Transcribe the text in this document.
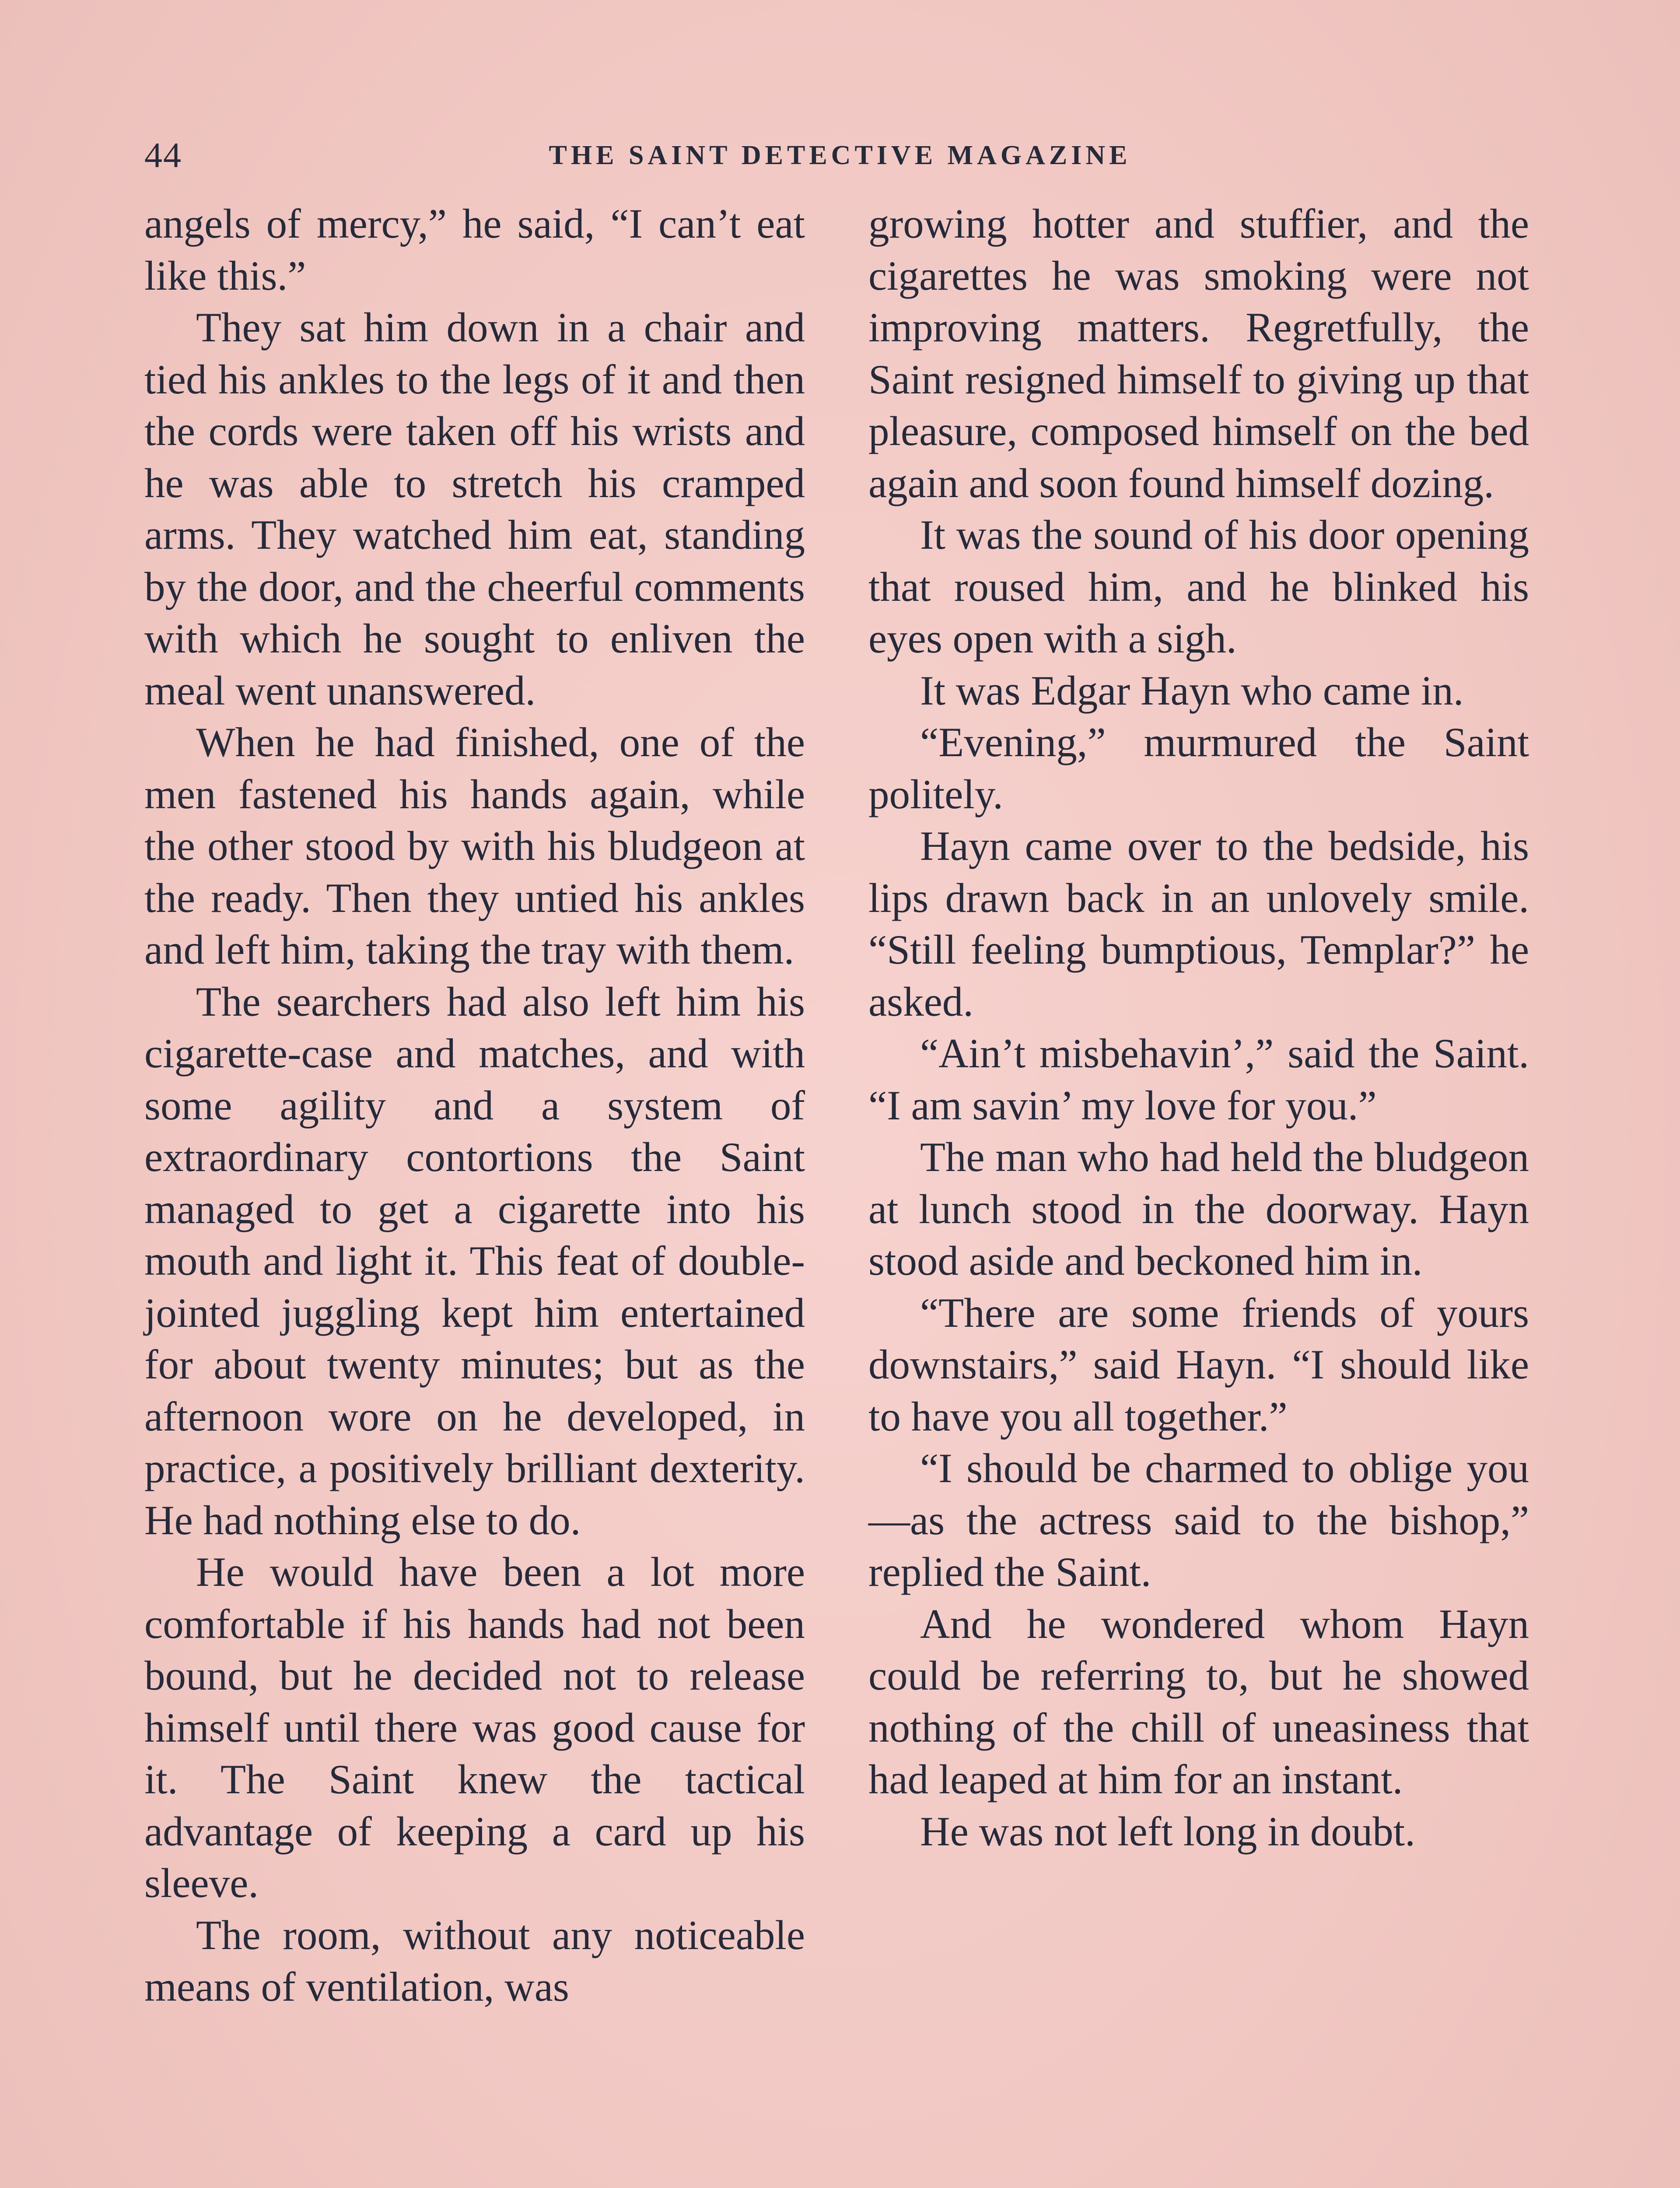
44	THE SAINT DETECTIVE MAGAZINE

angels of mercy,” he said, “I can’t eat like this.”

They sat him down in a chair and tied his ankles to the legs of it and then the cords were taken off his wrists and he was able to stretch his cramped arms. They watched him eat, standing by the door, and the cheerful comments with which he sought to enliven the meal went unanswered.

When he had finished, one of the men fastened his hands again, while the other stood by with his bludgeon at the ready. Then they untied his ankles and left him, taking the tray with them.

The searchers had also left him his cigarette-case and matches, and with some agility and a system of extraordinary contortions the Saint managed to get a cigarette into his mouth and light it. This feat of double-jointed juggling kept him entertained for about twenty minutes; but as the afternoon wore on he developed, in practice, a positively brilliant dexterity. He had nothing else to do.

He would have been a lot more comfortable if his hands had not been bound, but he decided not to release himself until there was good cause for it. The Saint knew the tactical advantage of keeping a card up his sleeve.

The room, without any noticeable means of ventilation, was

growing hotter and stuffier, and the cigarettes he was smoking were not improving matters. Regretfully, the Saint resigned himself to giving up that pleasure, composed himself on the bed again and soon found himself dozing.

It was the sound of his door opening that roused him, and he blinked his eyes open with a sigh.

It was Edgar Hayn who came in.

“Evening,” murmured the Saint politely.

Hayn came over to the bedside, his lips drawn back in an unlovely smile. “Still feeling bumptious, Templar?” he asked.

“Ain’t misbehavin’,” said the Saint. “I am savin’ my love for you.”

The man who had held the bludgeon at lunch stood in the doorway. Hayn stood aside and beckoned him in.

“There are some friends of yours downstairs,” said Hayn. “I should like to have you all together.”

“I should be charmed to oblige you—as the actress said to the bishop,” replied the Saint.

And he wondered whom Hayn could be referring to, but he showed nothing of the chill of uneasiness that had leaped at him for an instant.

He was not left long in doubt.
